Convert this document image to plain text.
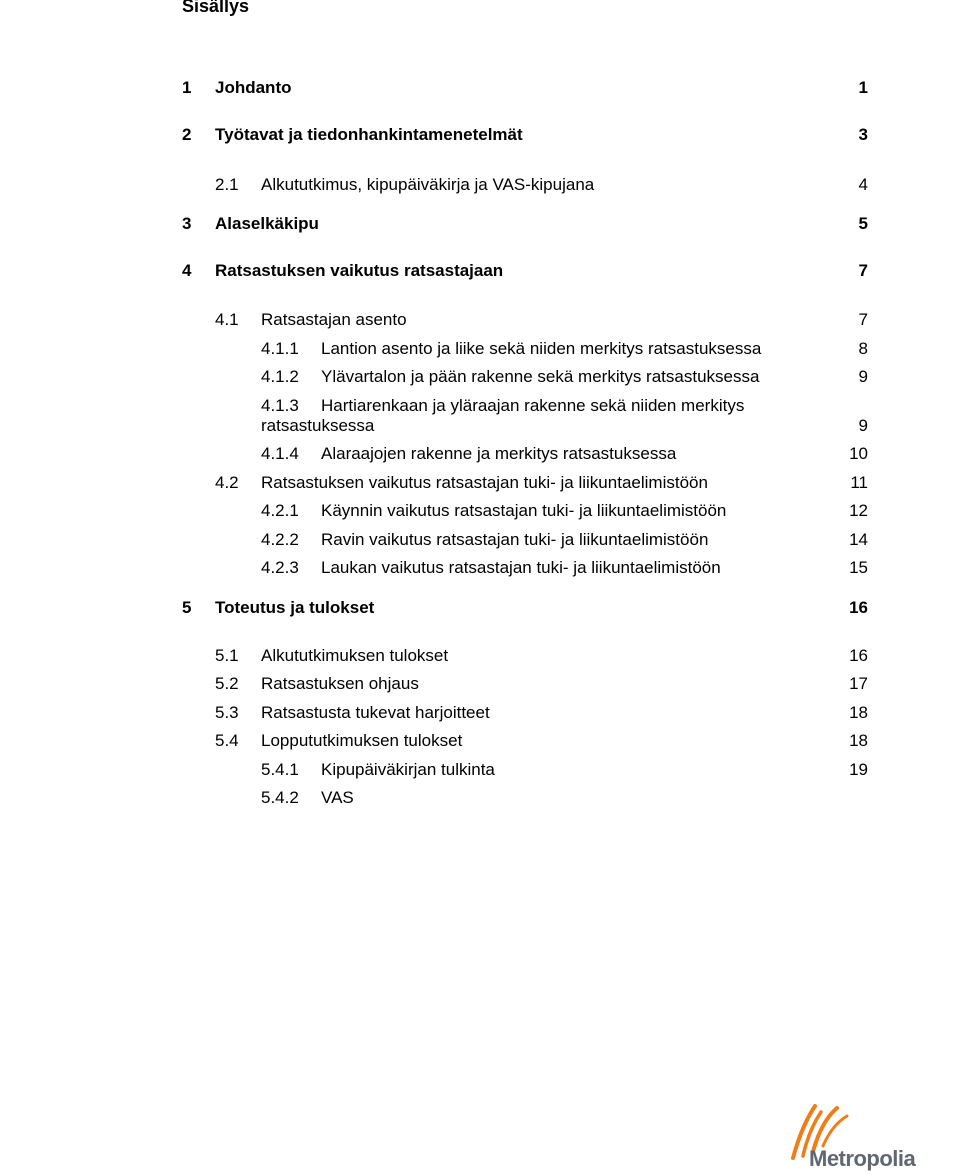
Sisällys
1 Johdanto	1
2 Työtavat ja tiedonhankintamenetelmät	3
2.1 Alkututkimus, kipupäiväkirja ja VAS-kipujana	4
3 Alaselkäkipu	5
4 Ratsastuksen vaikutus ratsastajaan	7
4.1 Ratsastajan asento	7
4.1.1 Lantion asento ja liike sekä niiden merkitys ratsastuksessa	8
4.1.2 Ylävartalon ja pään rakenne sekä merkitys ratsastuksessa	9
4.1.3 Hartiarenkaan ja yläraajan rakenne sekä niiden merkitys
ratsastuksessa	9
4.1.4 Alaraajojen rakenne ja merkitys ratsastuksessa	10
4.2 Ratsastuksen vaikutus ratsastajan tuki- ja liikuntaelimistöön	11
4.2.1 Käynnin vaikutus ratsastajan tuki- ja liikuntaelimistöön	12
4.2.2 Ravin vaikutus ratsastajan tuki- ja liikuntaelimistöön	14
4.2.3 Laukan vaikutus ratsastajan tuki- ja liikuntaelimistöön	15
5 Toteutus ja tulokset	16
5.1 Alkututkimuksen tulokset	16
5.2 Ratsastuksen ohjaus	17
5.3 Ratsastusta tukevat harjoitteet	18
5.4 Loppututkimuksen tulokset	18
5.4.1 Kipupäiväkirjan tulkinta	19
5.4.2 VAS
Metropolia
